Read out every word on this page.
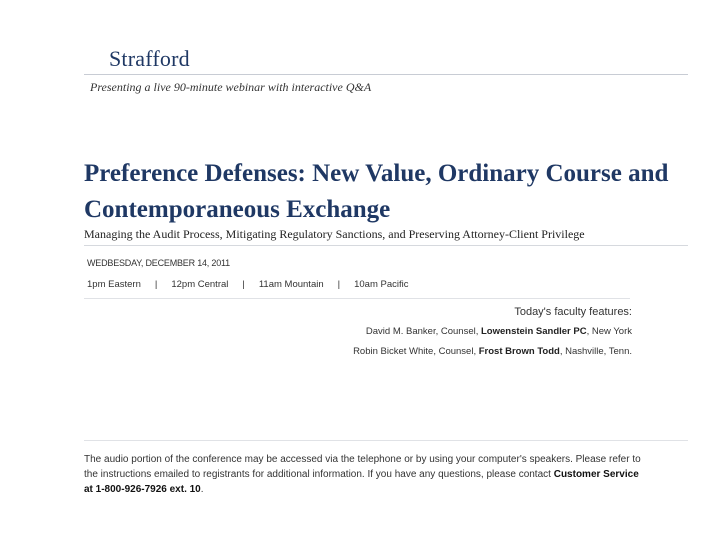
Strafford
Presenting a live 90-minute webinar with interactive Q&A
Preference Defenses: New Value, Ordinary Course and Contemporaneous Exchange
Managing the Audit Process, Mitigating Regulatory Sanctions, and Preserving Attorney-Client Privilege
WEDBESDAY, DECEMBER 14, 2011
1pm Eastern | 12pm Central | 11am Mountain | 10am Pacific
Today's faculty features:
David M. Banker, Counsel, Lowenstein Sandler PC, New York
Robin Bicket White, Counsel, Frost Brown Todd, Nashville, Tenn.
The audio portion of the conference may be accessed via the telephone or by using your computer's speakers. Please refer to the instructions emailed to registrants for additional information. If you have any questions, please contact Customer Service at 1-800-926-7926 ext. 10.
